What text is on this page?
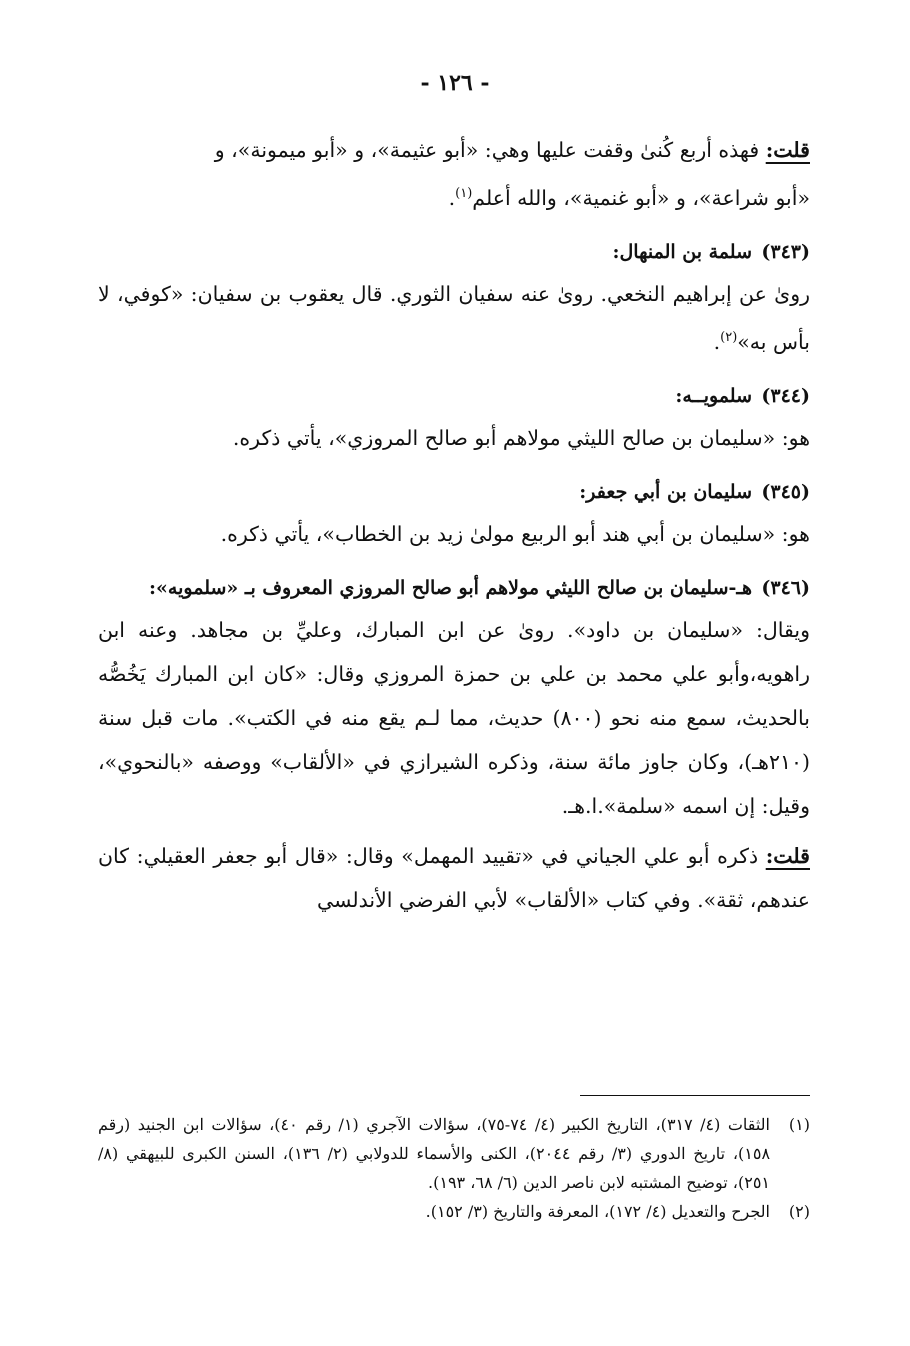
- ١٢٦ -

قلت: فهذه أربع كُنىٰ وقفت عليها وهي: «أبو عثيمة»، و «أبو ميمونة»، و
«أبو شراعة»، و «أبو غنمية»، والله أعلم$^{(١)}$.

(٣٤٣)
سلمة بن المنهال:

روىٰ عن إبراهيم النخعي. روىٰ عنه سفيان الثوري. قال يعقوب بن سفيان: «كوفي، لا بأس به»$^{(٢)}$.

(٣٤٤)
سلمويــه:

هو: «سليمان بن صالح الليثي مولاهم أبو صالح المروزي»، يأتي ذكره.

(٣٤٥)
سليمان بن أبي جعفر:

هو: «سليمان بن أبي هند أبو الربيع مولىٰ زيد بن الخطاب»، يأتي ذكره.

(٣٤٦)
هـ-سليمان بن صالح الليثي مولاهم أبو صالح المروزي المعروف بـ «سلمويه»:

ويقال: «سليمان بن داود». روىٰ عن ابن المبارك، وعليِّ بن مجاهد. وعنه ابن راهويه،وأبو علي محمد بن علي بن حمزة المروزي وقال: «كان ابن المبارك يَخُصُّه بالحديث، سمع منه نحو (٨٠٠) حديث، مما لـم يقع منه في الكتب». مات قبل سنة (٢١٠هـ)، وكان جاوز مائة سنة، وذكره الشيرازي في «الألقاب» ووصفه «بالنحوي»، وقيل: إن اسمه «سلمة».ا.هـ.

قلت: ذكره أبو علي الجياني في «تقييد المهمل» وقال: «قال أبو جعفر العقيلي: كان عندهم، ثقة». وفي كتاب «الألقاب» لأبي الفرضي الأندلسي

(١)
الثقات (٤/ ٣١٧)، التاريخ الكبير (٤/ ٧٤-٧٥)، سؤالات الآجري (١/ رقم ٤٠)، سؤالات ابن الجنيد (رقم ١٥٨)، تاريخ الدوري (٣/ رقم ٢٠٤٤)، الكنى والأسماء للدولابي (٢/ ١٣٦)، السنن الكبرى للبيهقي (٨/ ٢٥١)، توضيح المشتبه لابن ناصر الدين (٦/ ٦٨، ١٩٣).
(٢)
الجرح والتعديل (٤/ ١٧٢)، المعرفة والتاريخ (٣/ ١٥٢).
